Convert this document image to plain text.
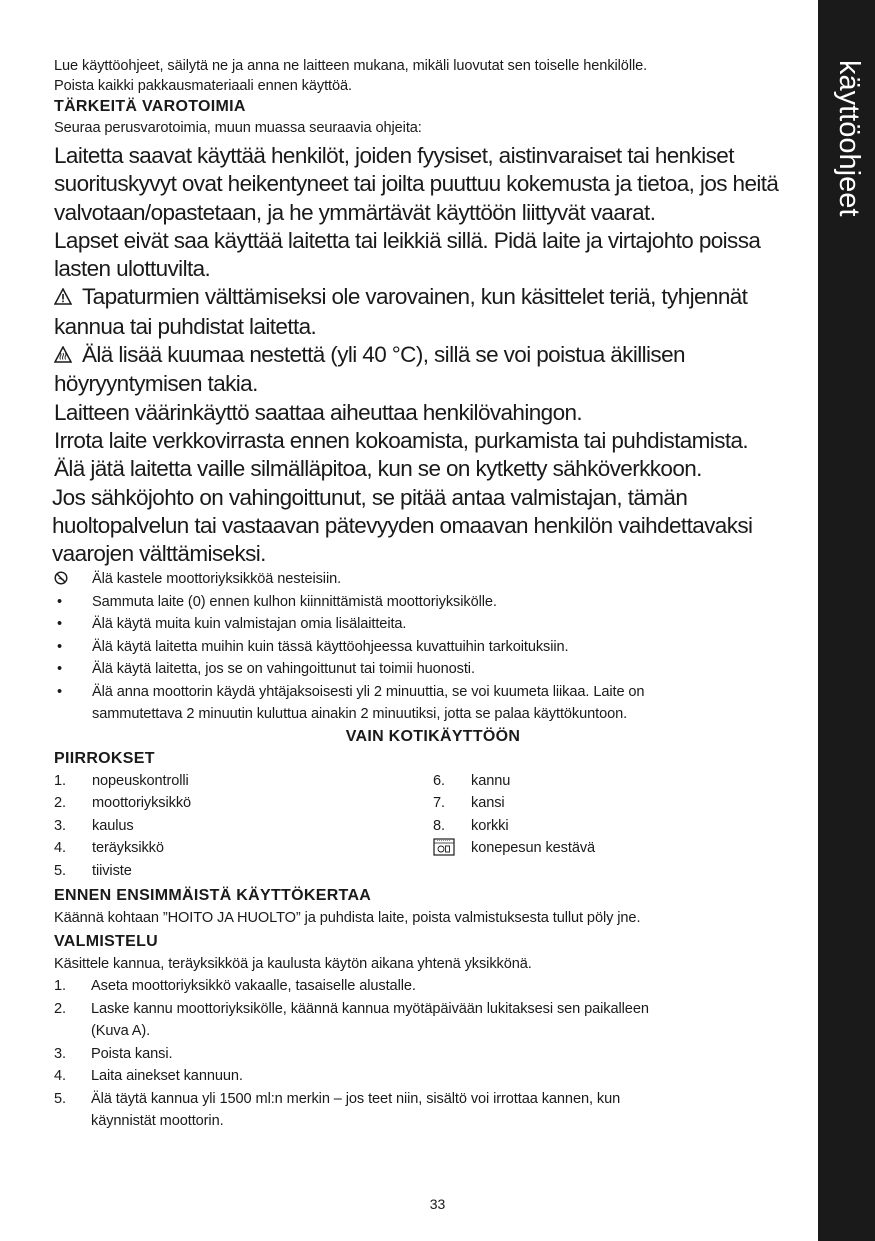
käyttöohjeet
Lue käyttöohjeet, säilytä ne ja anna ne laitteen mukana, mikäli luovutat sen toiselle henkilölle.
Poista kaikki pakkausmateriaali ennen käyttöä.
TÄRKEITÄ VAROTOIMIA
Seuraa perusvarotoimia, muun muassa seuraavia ohjeita:

Laitetta saavat käyttää henkilöt, joiden fyysiset, aistinvaraiset tai henkiset suorituskyvyt ovat heikentyneet tai joilta puuttuu kokemusta ja tietoa, jos heitä valvotaan/opastetaan, ja he ymmärtävät käyttöön liittyvät vaarat.

Lapset eivät saa käyttää laitetta tai leikkiä sillä. Pidä laite ja virtajohto poissa lasten ulottuvilta.

Tapaturmien välttämiseksi ole varovainen, kun käsittelet teriä, tyhjennät kannua tai puhdistat laitetta.

Älä lisää kuumaa nestettä (yli 40 °C), sillä se voi poistua äkillisen höyryyntymisen takia.

Laitteen väärinkäyttö saattaa aiheuttaa henkilövahingon.

Irrota laite verkkovirrasta ennen kokoamista, purkamista tai puhdistamista.

Älä jätä laitetta vaille silmälläpitoa, kun se on kytketty sähköverkkoon.

Jos sähköjohto on vahingoittunut, se pitää antaa valmistajan, tämän huoltopalvelun tai vastaavan pätevyyden omaavan henkilön vaihdettavaksi vaarojen välttämiseksi.

Älä kastele moottoriyksikköä nesteisiin.
•	Sammuta laite (0) ennen kulhon kiinnittämistä moottoriyksikölle.
•	Älä käytä muita kuin valmistajan omia lisälaitteita.
•	Älä käytä laitetta muihin kuin tässä käyttöohjeessa kuvattuihin tarkoituksiin.
•	Älä käytä laitetta, jos se on vahingoittunut tai toimii huonosti.
•	Älä anna moottorin käydä yhtäjaksoisesti yli 2 minuuttia, se voi kuumeta liikaa. Laite on
sammutettava 2 minuutin kuluttua ainakin 2 minuutiksi, jotta se palaa käyttökuntoon.
VAIN KOTIKÄYTTÖÖN
PIIRROKSET
1. nopeuskontrolli
2. moottoriyksikkö
3. kaulus
4. teräyksikkö
5. tiiviste
6. kannu
7. kansi
8. korkki
konepesun kestävä
ENNEN ENSIMMÄISTÄ KÄYTTÖKERTAA
Käännä kohtaan ”HOITO JA HUOLTO” ja puhdista laite, poista valmistuksesta tullut pöly jne.
VALMISTELU
Käsittele kannua, teräyksikköä ja kaulusta käytön aikana yhtenä yksikkönä.
1. Aseta moottoriyksikkö vakaalle, tasaiselle alustalle.
2. Laske kannu moottoriyksikölle, käännä kannua myötäpäivään lukitaksesi sen paikalleen
(Kuva A).
3. Poista kansi.
4. Laita ainekset kannuun.
5. Älä täytä kannua yli 1500 ml:n merkin – jos teet niin, sisältö voi irrottaa kannen, kun
käynnistät moottorin.
33
